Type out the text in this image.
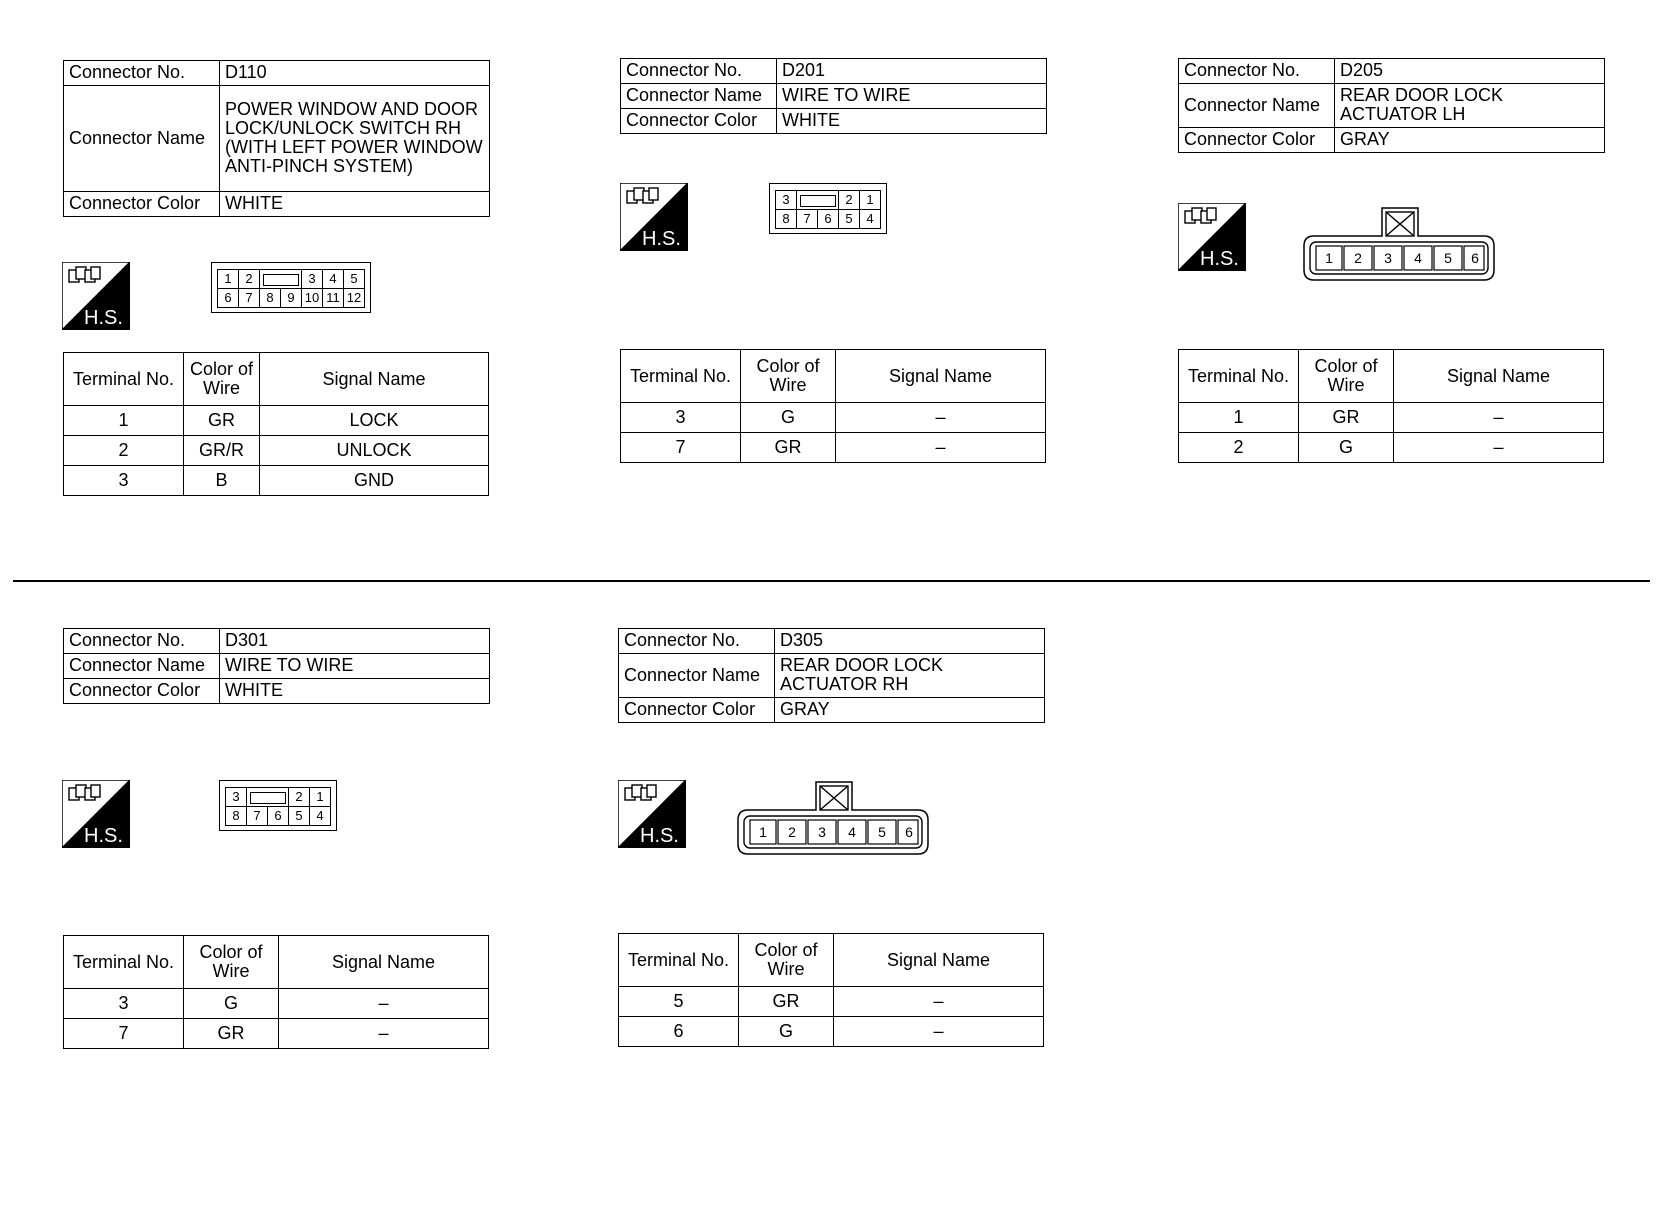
Connector No.	D110
Connector Name	POWER WINDOW AND DOOR LOCK/UNLOCK SWITCH RH (WITH LEFT POWER WINDOW ANTI-PINCH SYSTEM)
Connector Color	WHITE
H.S.
1	2			3	4	5
6	7	8	9	10	11	12
Terminal No.	Color of Wire	Signal Name
1	GR	LOCK
2	GR/R	UNLOCK
3	B	GND
Connector No.	D201
Connector Name	WIRE TO WIRE
Connector Color	WHITE
H.S.
3			2	1
8	7	6	5	4
Terminal No.	Color of Wire	Signal Name
3	G	–
7	GR	–
Connector No.	D205
Connector Name	REAR DOOR LOCK ACTUATOR LH
Connector Color	GRAY
H.S.	1 2 3 4 5 6
Terminal No.	Color of Wire	Signal Name
1	GR	–
2	G	–
Connector No.	D301
Connector Name	WIRE TO WIRE
Connector Color	WHITE
H.S.
3			2	1
8	7	6	5	4
Terminal No.	Color of Wire	Signal Name
3	G	–
7	GR	–
Connector No.	D305
Connector Name	REAR DOOR LOCK ACTUATOR RH
Connector Color	GRAY
H.S.	1 2 3 4 5 6
Terminal No.	Color of Wire	Signal Name
5	GR	–
6	G	–
